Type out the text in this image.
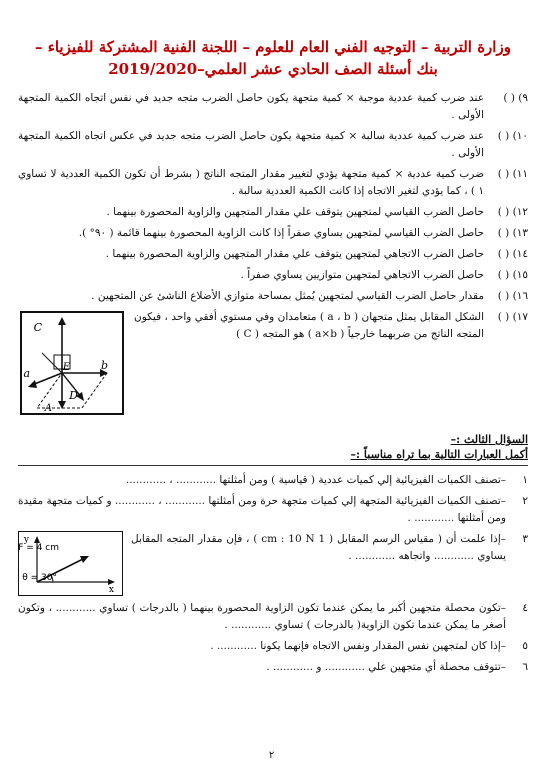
وزارة التربية – التوجيه الفني العام للعلوم – اللجنة الفنية المشتركة للفيزياء –
بنك أسئلة الصف الحادي عشر العلمي–2019/2020
٩) ( )
عند ضرب كمية عددية موجبة × كمية متجهة يكون حاصل الضرب متجه جديد في نفس اتجاه الكمية المتجهة الأولى .
١٠) ( )
عند ضرب كمية عددية سالبة × كمية متجهة يكون حاصل الضرب متجه جديد في عكس اتجاه الكمية المتجهة الأولى .
١١) ( )
ضرب كمية عددية × كمية متجهة يؤدي لتغيير مقدار المتجه الناتج ( بشرط أن تكون الكمية العددية لا تساوي ١ ) ، كما يؤدي لتغير الاتجاه إذا كانت الكمية العددية سالبة .
١٢) ( )
حاصل الضرب القياسي لمتجهين يتوقف علي مقدار المتجهين والزاوية المحصورة بينهما .
١٣) ( )
حاصل الضرب القياسي لمتجهين يساوي صفراً إذا كانت الزاوية المحصورة بينهما قائمة ( ٩٠° ).
١٤) ( )
حاصل الضرب الاتجاهي لمتجهين يتوقف علي مقدار المتجهين والزاوية المحصورة بينهما .
١٥) ( )
حاصل الضرب الاتجاهي لمتجهين متوازيين يساوي صفراً .
١٦) ( )
مقدار حاصل الضرب القياسي لمتجهين يُمثل بمساحة متوازي الأضلاع الناشئ عن المتجهين .
١٧) ( )
الشكل المقابل يمثل متجهان ( a ، b ) متعامدان وفي مستوي أفقي واحد ، فيكون المتجه الناتج من ضربهما خارجياً ( a×b ) هو المتجه ( C )
C
a
b
E
D
A
السؤال الثالث :–
أكمل العبارات التالية بما تراه مناسباً :–
١
–تصنف الكميات الفيزيائية إلي كميات عددية ( قياسية ) ومن أمثلتها ............ ، ............
٢
–تصنف الكميات الفيزيائية المتجهة إلي كميات متجهة حرة ومن أمثلتها ............ ، ............ و كميات متجهة مقيدة ومن أمثلتها ............ .
٣
–إذا علمت أن ( مقياس الرسم المقابل ( 1 cm : 10 N ) ، فإن مقدار المتجه المقابل يساوي ............ واتجاهه ............ .
y
x
F = 4 cm
θ = 30°
٤
–تكون محصلة متجهين أكبر ما يمكن عندما تكون الزاوية المحصورة بينهما ( بالدرجات ) تساوي ............ ، وتكون أصغر ما يمكن عندما تكون الزاوية( بالدرجات ) تساوي ............ .
٥
–إذا كان لمتجهين نفس المقدار ونفس الاتجاه فإنهما يكونا ............ .
٦
–تتوقف محصلة أي متجهين علي ............ و ............ .
٢
